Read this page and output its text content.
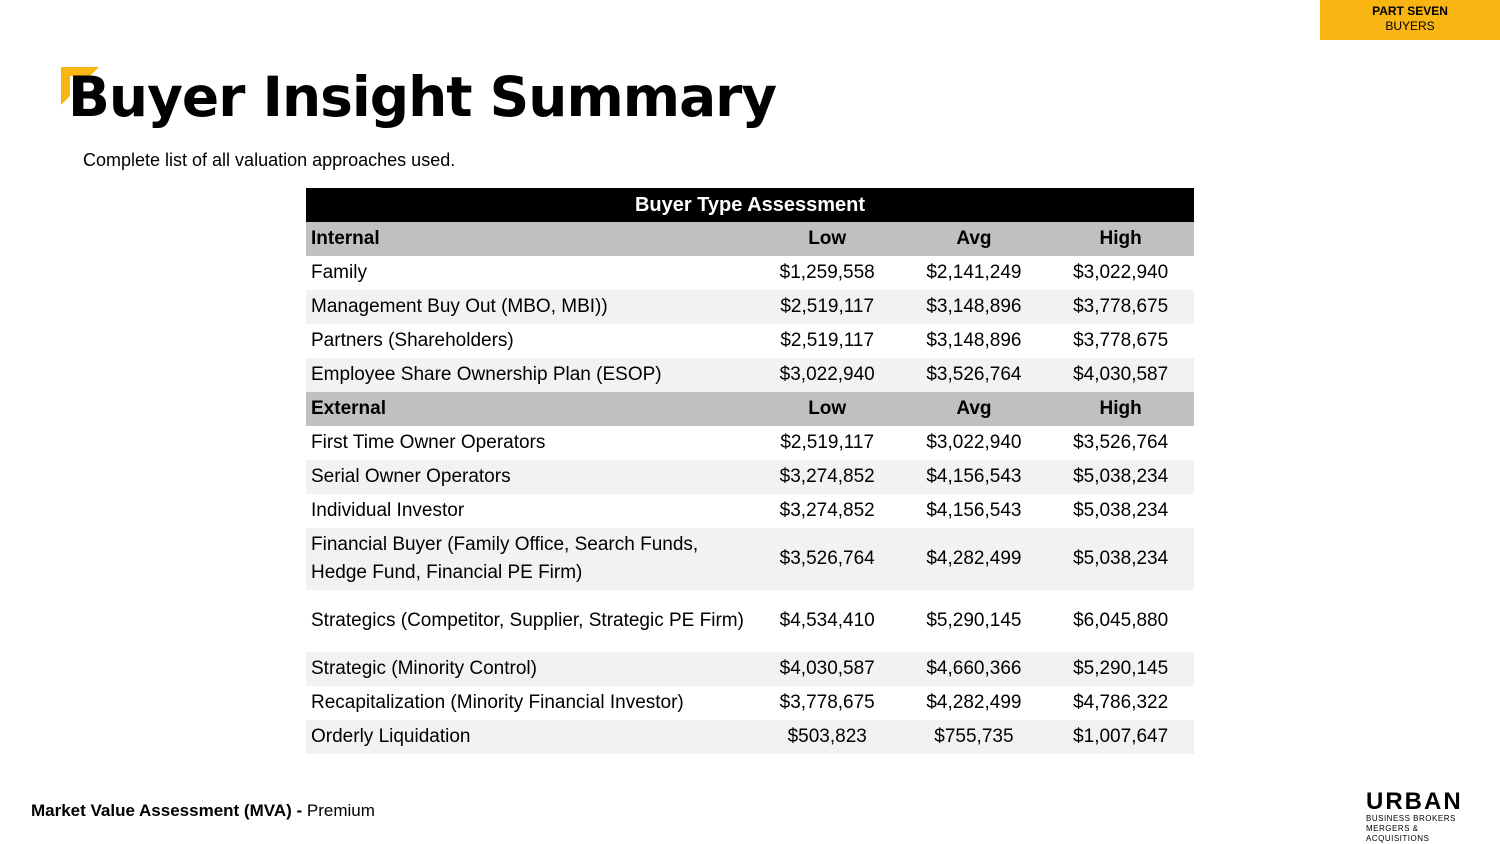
PART SEVEN
BUYERS
Buyer Insight Summary
Complete list of all valuation approaches used.
Buyer Type Assessment			
Internal	Low	Avg	High
Family	$1,259,558	$2,141,249	$3,022,940
Management Buy Out (MBO, MBI))	$2,519,117	$3,148,896	$3,778,675
Partners (Shareholders)	$2,519,117	$3,148,896	$3,778,675
Employee Share Ownership Plan (ESOP)	$3,022,940	$3,526,764	$4,030,587
External	Low	Avg	High
First Time Owner Operators	$2,519,117	$3,022,940	$3,526,764
Serial Owner Operators	$3,274,852	$4,156,543	$5,038,234
Individual Investor	$3,274,852	$4,156,543	$5,038,234
Financial Buyer (Family Office, Search Funds, Hedge Fund, Financial PE Firm)	$3,526,764	$4,282,499	$5,038,234
Strategics (Competitor, Supplier, Strategic PE Firm)	$4,534,410	$5,290,145	$6,045,880
Strategic (Minority Control)	$4,030,587	$4,660,366	$5,290,145
Recapitalization (Minority Financial Investor)	$3,778,675	$4,282,499	$4,786,322
Orderly Liquidation	$503,823	$755,735	$1,007,647
Market Value Assessment (MVA) - Premium	URBAN
BUSINESS BROKERS
MERGERS & ACQUISITIONS
